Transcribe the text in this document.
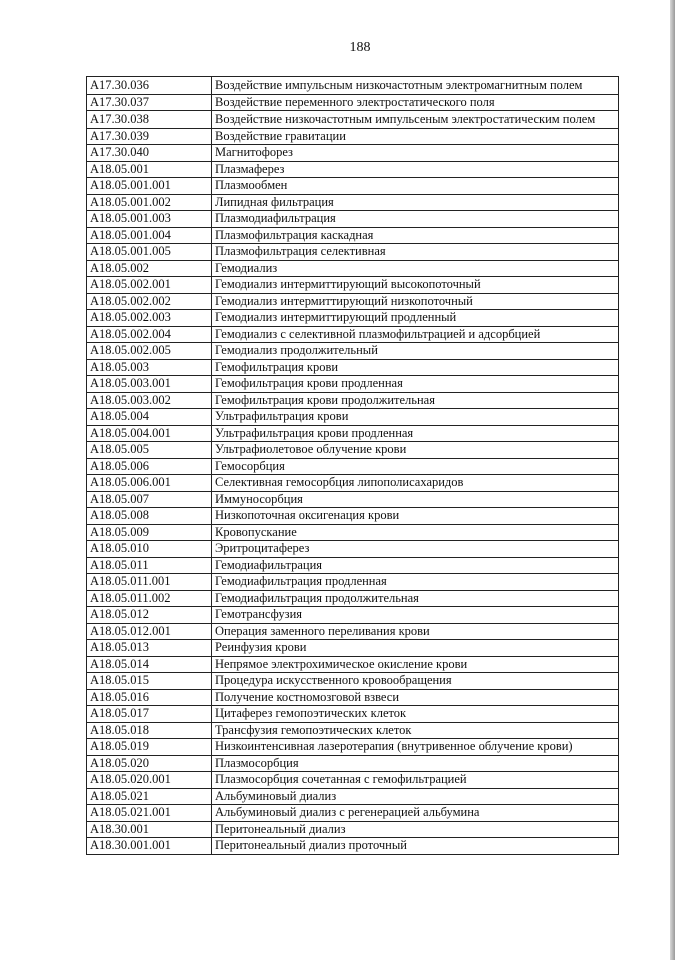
188
A17.30.036	Воздействие импульсным низкочастотным электромагнитным полем
A17.30.037	Воздействие переменного электростатического поля
A17.30.038	Воздействие низкочастотным импульсеным электростатическим полем
A17.30.039	Воздействие гравитации
A17.30.040	Магнитофорез
A18.05.001	Плазмаферез
A18.05.001.001	Плазмообмен
A18.05.001.002	Липидная фильтрация
A18.05.001.003	Плазмодиафильтрация
A18.05.001.004	Плазмофильтрация каскадная
A18.05.001.005	Плазмофильтрация селективная
A18.05.002	Гемодиализ
A18.05.002.001	Гемодиализ интермиттирующий высокопоточный
A18.05.002.002	Гемодиализ интермиттирующий низкопоточный
A18.05.002.003	Гемодиализ интермиттирующий продленный
A18.05.002.004	Гемодиализ с селективной плазмофильтрацией и адсорбцией
A18.05.002.005	Гемодиализ продолжительный
A18.05.003	Гемофильтрация крови
A18.05.003.001	Гемофильтрация крови продленная
A18.05.003.002	Гемофильтрация крови продолжительная
A18.05.004	Ультрафильтрация крови
A18.05.004.001	Ультрафильтрация крови продленная
A18.05.005	Ультрафиолетовое облучение крови
A18.05.006	Гемосорбция
A18.05.006.001	Селективная гемосорбция липополисахаридов
A18.05.007	Иммуносорбция
A18.05.008	Низкопоточная оксигенация крови
A18.05.009	Кровопускание
A18.05.010	Эритроцитаферез
A18.05.011	Гемодиафильтрация
A18.05.011.001	Гемодиафильтрация продленная
A18.05.011.002	Гемодиафильтрация продолжительная
A18.05.012	Гемотрансфузия
A18.05.012.001	Операция заменного переливания крови
A18.05.013	Реинфузия крови
A18.05.014	Непрямое электрохимическое окисление крови
A18.05.015	Процедура искусственного кровообращения
A18.05.016	Получение костномозговой взвеси
A18.05.017	Цитаферез гемопоэтических клеток
A18.05.018	Трансфузия гемопоэтических клеток
A18.05.019	Низкоинтенсивная лазеротерапия (внутривенное облучение крови)
A18.05.020	Плазмосорбция
A18.05.020.001	Плазмосорбция сочетанная с гемофильтрацией
A18.05.021	Альбуминовый диализ
A18.05.021.001	Альбуминовый диализ с регенерацией альбумина
A18.30.001	Перитонеальный диализ
A18.30.001.001	Перитонеальный диализ проточный
